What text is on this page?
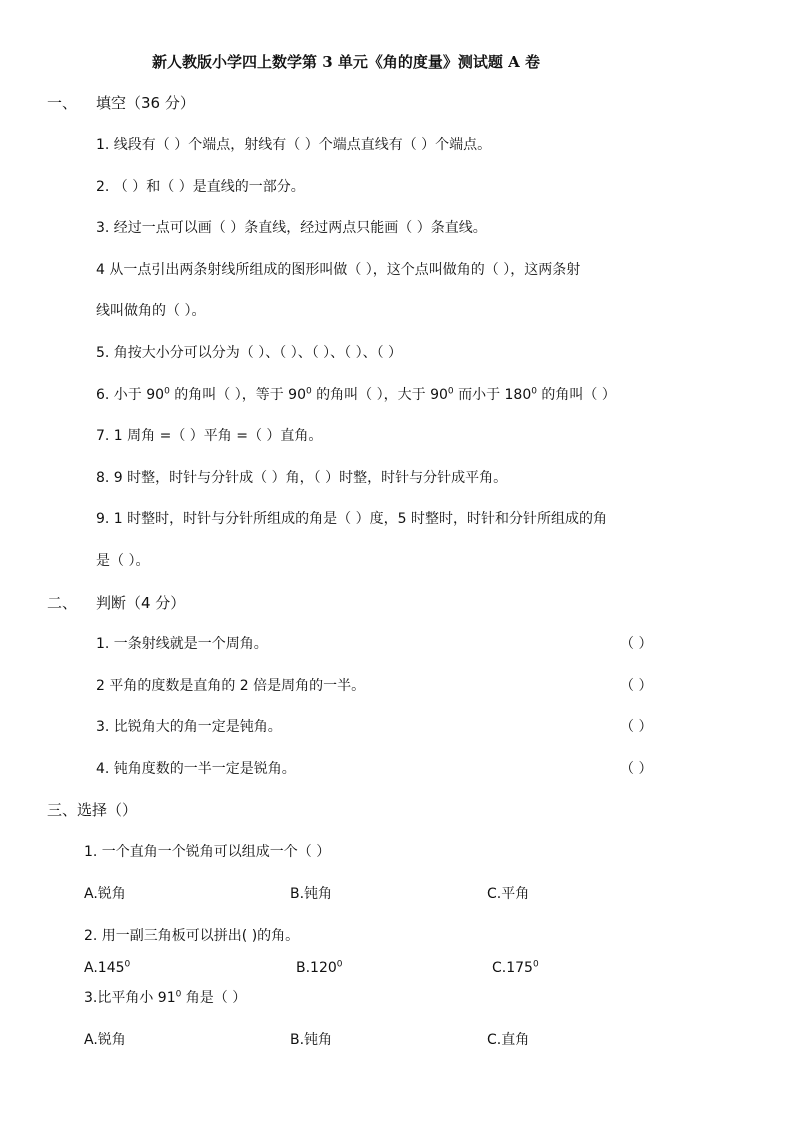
新人教版小学四上数学第 3 单元《角的度量》测试题 A 卷
一、 填空（36 分）
1. 线段有（ ）个端点，射线有（ ）个端点直线有（ ）个端点。
2. （ ）和（ ）是直线的一部分。
3. 经过一点可以画（ ）条直线，经过两点只能画（ ）条直线。
4 从一点引出两条射线所组成的图形叫做（ ），这个点叫做角的（ ），这两条射
线叫做角的（ ）。
5. 角按大小分可以分为（ ）、（ ）、（ ）、（ ）、（ ）
6. 小于 $90^0$ 的角叫（ ），等于 $90^0$ 的角叫（ ），大于 $90^0$ 而小于 $180^0$ 的角叫（ ）
7. 1 周角 =（ ）平角 =（ ）直角。
8. 9 时整，时针与分针成（ ）角，（ ）时整，时针与分针成平角。
9. 1 时整时，时针与分针所组成的角是（ ）度，5 时整时，时针和分针所组成的角
是（ ）。
二、 判断（4 分）
1. 一条射线就是一个周角。	（ ）
2 平角的度数是直角的 2 倍是周角的一半。	（ ）
3. 比锐角大的角一定是钝角。	（ ）
4. 钝角度数的一半一定是锐角。	（ ）
三、选择（）
1. 一个直角一个锐角可以组成一个（ ）
A.锐角	B.钝角	C.平角
2. 用一副三角板可以拼出( )的角。
A.145$^0$	B.120$^0$	C.175$^0$
3.比平角小 $91^0$ 角是（ ）
A.锐角	B.钝角	C.直角
